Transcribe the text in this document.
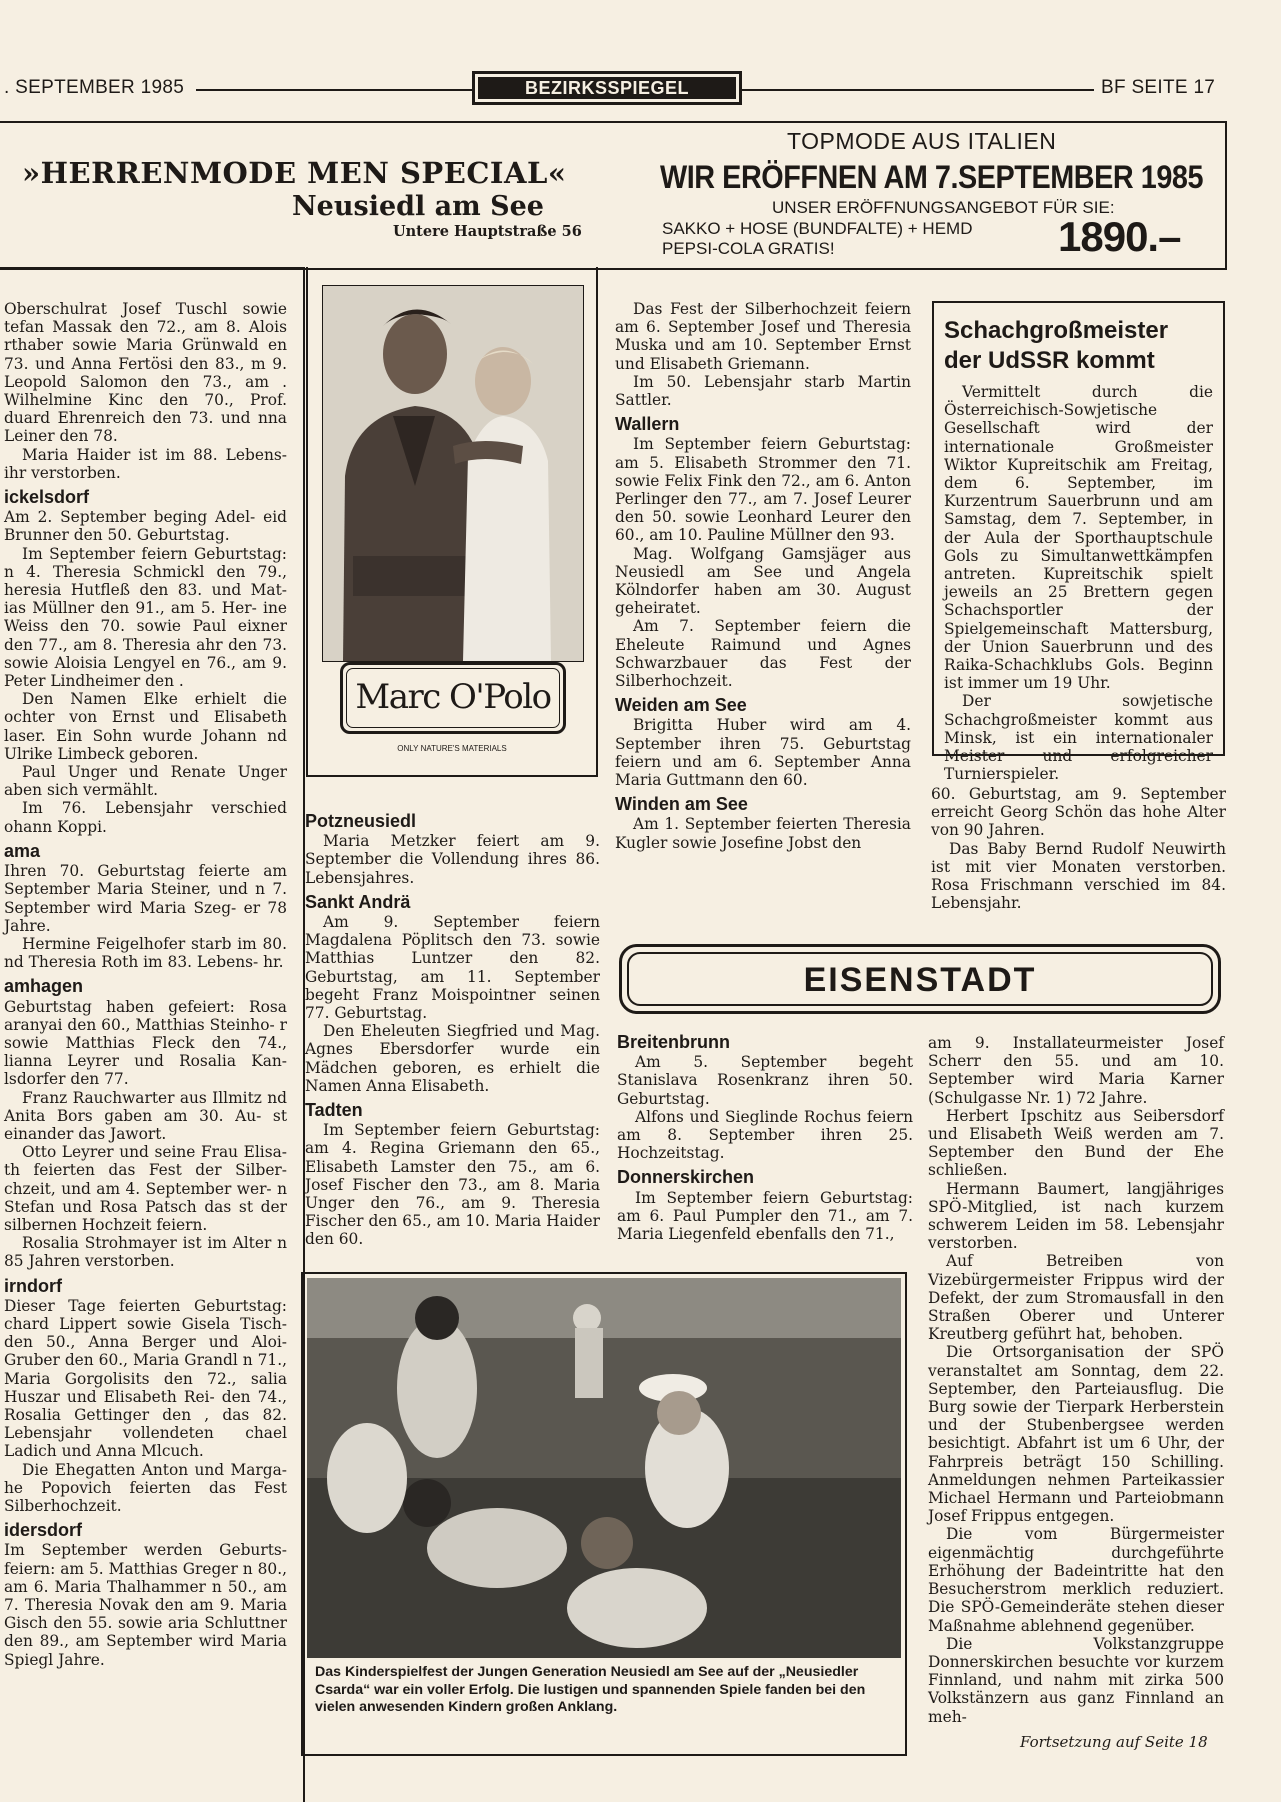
. SEPTEMBER 1985	BEZIRKSSPIEGEL	BF SEITE 17
»HERRENMODE MEN SPECIAL«
Neusiedl am See
Untere Hauptstraße 56
TOPMODE AUS ITALIEN
WIR ERÖFFNEN AM 7.SEPTEMBER 1985
UNSER ERÖFFNUNGSANGEBOT FÜR SIE:
SAKKO + HOSE (BUNDFALTE) + HEMD
PEPSI-COLA GRATIS!	1890.–

Oberschulrat Josef Tuschl sowie tefan Massak den 72., am 8. Alois rthaber sowie Maria Grünwald en 73. und Anna Fertösi den 83., m 9. Leopold Salomon den 73., am . Wilhelmine Kinc den 70., Prof. duard Ehrenreich den 73. und nna Leiner den 78.

Maria Haider ist im 88. Lebens- ihr verstorben.

ickelsdorf

Am 2. September beging Adel- eid Brunner den 50. Geburtstag.

Im September feiern Geburtstag: n 4. Theresia Schmickl den 79., heresia Hutfleß den 83. und Mat- ias Müllner den 91., am 5. Her- ine Weiss den 70. sowie Paul eixner den 77., am 8. Theresia ahr den 73. sowie Aloisia Lengyel en 76., am 9. Peter Lindheimer den .

Den Namen Elke erhielt die ochter von Ernst und Elisabeth laser. Ein Sohn wurde Johann nd Ulrike Limbeck geboren.

Paul Unger und Renate Unger aben sich vermählt.

Im 76. Lebensjahr verschied ohann Koppi.

ama

Ihren 70. Geburtstag feierte am September Maria Steiner, und n 7. September wird Maria Szeg- er 78 Jahre.

Hermine Feigelhofer starb im 80. nd Theresia Roth im 83. Lebens- hr.

amhagen

Geburtstag haben gefeiert: Rosa aranyai den 60., Matthias Steinho- r sowie Matthias Fleck den 74., lianna Leyrer und Rosalia Kan- lsdorfer den 77.

Franz Rauchwarter aus Illmitz nd Anita Bors gaben am 30. Au- st einander das Jawort.

Otto Leyrer und seine Frau Elisa- th feierten das Fest der Silber- chzeit, und am 4. September wer- n Stefan und Rosa Patsch das st der silbernen Hochzeit feiern.

Rosalia Strohmayer ist im Alter n 85 Jahren verstorben.

irndorf

Dieser Tage feierten Geburtstag: chard Lippert sowie Gisela Tisch- den 50., Anna Berger und Aloi- Gruber den 60., Maria Grandl n 71., Maria Gorgolisits den 72., salia Huszar und Elisabeth Rei- den 74., Rosalia Gettinger den , das 82. Lebensjahr vollendeten chael Ladich und Anna Mlcuch.

Die Ehegatten Anton und Marga- he Popovich feierten das Fest Silberhochzeit.

idersdorf

Im September werden Geburts- feiern: am 5. Matthias Greger n 80., am 6. Maria Thalhammer n 50., am 7. Theresia Novak den am 9. Maria Gisch den 55. sowie aria Schluttner den 89., am September wird Maria Spiegl Jahre.

Marc O'Polo
ONLY NATURE'S MATERIALS
Potzneusiedl

Maria Metzker feiert am 9. September die Vollendung ihres 86. Lebensjahres.

Sankt Andrä

Am 9. September feiern Magdalena Pöplitsch den 73. sowie Matthias Luntzer den 82. Geburtstag, am 11. September begeht Franz Moispointner seinen 77. Geburtstag.

Den Eheleuten Siegfried und Mag. Agnes Ebersdorfer wurde ein Mädchen geboren, es erhielt die Namen Anna Elisabeth.

Tadten

Im September feiern Geburtstag: am 4. Regina Griemann den 65., Elisabeth Lamster den 75., am 6. Josef Fischer den 73., am 8. Maria Unger den 76., am 9. Theresia Fischer den 65., am 10. Maria Haider den 60.

Das Fest der Silberhochzeit feiern am 6. September Josef und Theresia Muska und am 10. September Ernst und Elisabeth Griemann.

Im 50. Lebensjahr starb Martin Sattler.

Wallern

Im September feiern Geburtstag: am 5. Elisabeth Strommer den 71. sowie Felix Fink den 72., am 6. Anton Perlinger den 77., am 7. Josef Leurer den 50. sowie Leonhard Leurer den 60., am 10. Pauline Müllner den 93.

Mag. Wolfgang Gamsjäger aus Neusiedl am See und Angela Kölndorfer haben am 30. August geheiratet.

Am 7. September feiern die Eheleute Raimund und Agnes Schwarzbauer das Fest der Silberhochzeit.

Weiden am See

Brigitta Huber wird am 4. September ihren 75. Geburtstag feiern und am 6. September Anna Maria Guttmann den 60.

Winden am See

Am 1. September feierten Theresia Kugler sowie Josefine Jobst den

Schachgroßmeister
der UdSSR kommt

Vermittelt durch die Österreichisch-Sowjetische Gesellschaft wird der internationale Großmeister Wiktor Kupreitschik am Freitag, dem 6. September, im Kurzentrum Sauerbrunn und am Samstag, dem 7. September, in der Aula der Sporthauptschule Gols zu Simultanwettkämpfen antreten. Kupreitschik spielt jeweils an 25 Brettern gegen Schachsportler der Spielgemeinschaft Mattersburg, der Union Sauerbrunn und des Raika-Schachklubs Gols. Beginn ist immer um 19 Uhr.

Der sowjetische Schachgroßmeister kommt aus Minsk, ist ein internationaler Meister und erfolgreicher Turnierspieler.

60. Geburtstag, am 9. September erreicht Georg Schön das hohe Alter von 90 Jahren.

Das Baby Bernd Rudolf Neuwirth ist mit vier Monaten verstorben. Rosa Frischmann verschied im 84. Lebensjahr.

EISENSTADT
Breitenbrunn

Am 5. September begeht Stanislava Rosenkranz ihren 50. Geburtstag.

Alfons und Sieglinde Rochus feiern am 8. September ihren 25. Hochzeitstag.

Donnerskirchen

Im September feiern Geburtstag: am 6. Paul Pumpler den 71., am 7. Maria Liegenfeld ebenfalls den 71.,

am 9. Installateurmeister Josef Scherr den 55. und am 10. September wird Maria Karner (Schulgasse Nr. 1) 72 Jahre.

Herbert Ipschitz aus Seibersdorf und Elisabeth Weiß werden am 7. September den Bund der Ehe schließen.

Hermann Baumert, langjähriges SPÖ-Mitglied, ist nach kurzem schwerem Leiden im 58. Lebensjahr verstorben.

Auf Betreiben von Vizebürgermeister Frippus wird der Defekt, der zum Stromausfall in den Straßen Oberer und Unterer Kreutberg geführt hat, behoben.

Die Ortsorganisation der SPÖ veranstaltet am Sonntag, dem 22. September, den Parteiausflug. Die Burg sowie der Tierpark Herberstein und der Stubenbergsee werden besichtigt. Abfahrt ist um 6 Uhr, der Fahrpreis beträgt 150 Schilling. Anmeldungen nehmen Parteikassier Michael Hermann und Parteiobmann Josef Frippus entgegen.

Die vom Bürgermeister eigenmächtig durchgeführte Erhöhung der Badeintritte hat den Besucherstrom merklich reduziert. Die SPÖ-Gemeinderäte stehen dieser Maßnahme ablehnend gegenüber.

Die Volkstanzgruppe Donnerskirchen besuchte vor kurzem Finnland, und nahm mit zirka 500 Volkstänzern aus ganz Finnland an meh-

Fortsetzung auf Seite 18
Das Kinderspielfest der Jungen Generation Neusiedl am See auf der „Neusiedler Csarda“ war ein voller Erfolg. Die lustigen und spannenden Spiele fanden bei den vielen anwesenden Kindern großen Anklang.
